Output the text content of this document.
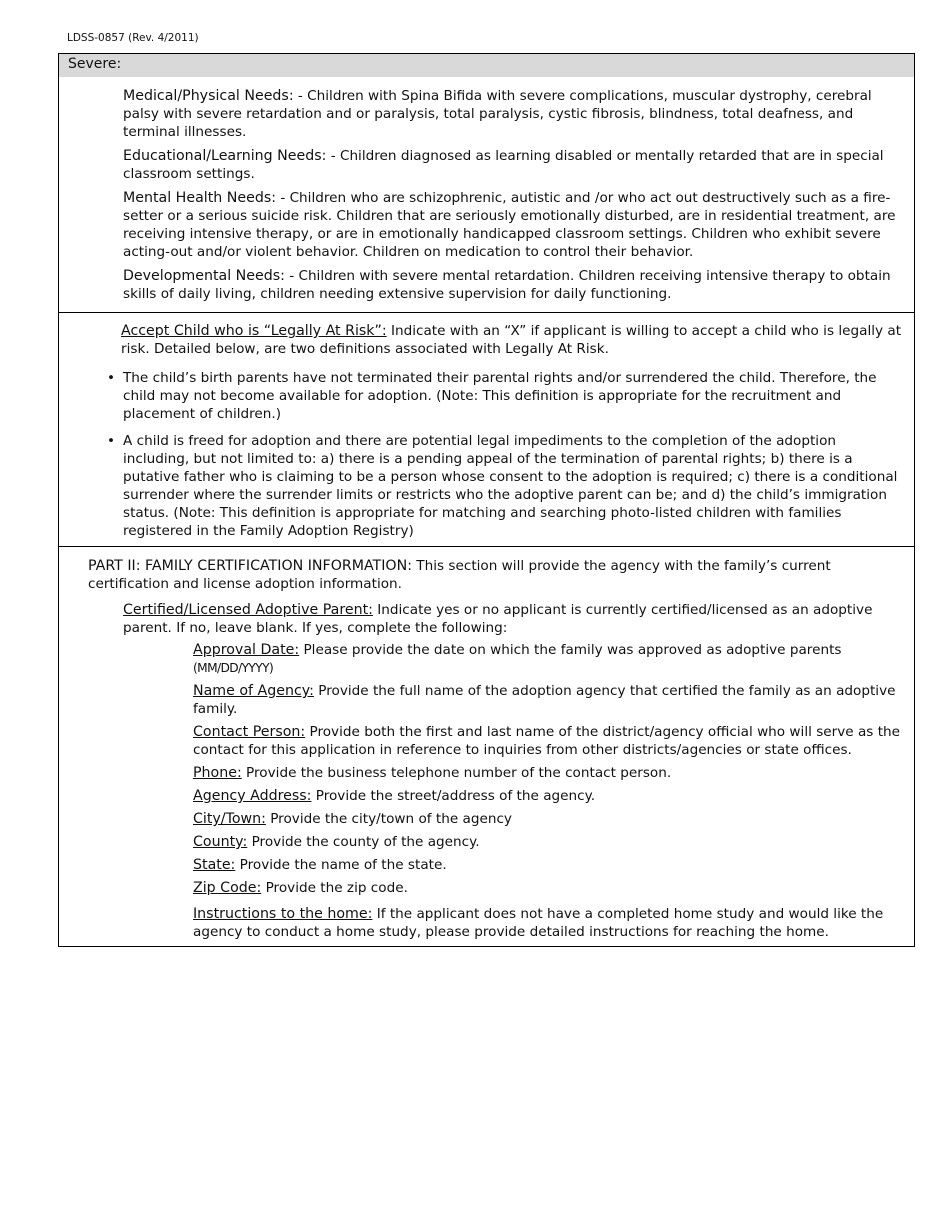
LDSS-0857 (Rev. 4/2011)
Severe:

Medical/Physical Needs: - Children with Spina Bifida with severe complications, muscular dystrophy, cerebral palsy with severe retardation and or paralysis, total paralysis, cystic fibrosis, blindness, total deafness, and terminal illnesses.

Educational/Learning Needs: - Children diagnosed as learning disabled or mentally retarded that are in special classroom settings.

Mental Health Needs: - Children who are schizophrenic, autistic and /or who act out destructively such as a fire-setter or a serious suicide risk. Children that are seriously emotionally disturbed, are in residential treatment, are receiving intensive therapy, or are in emotionally handicapped classroom settings. Children who exhibit severe acting-out and/or violent behavior. Children on medication to control their behavior.

Developmental Needs: - Children with severe mental retardation. Children receiving intensive therapy to obtain skills of daily living, children needing extensive supervision for daily functioning.

Accept Child who is “Legally At Risk”: Indicate with an “X” if applicant is willing to accept a child who is legally at risk. Detailed below, are two definitions associated with Legally At Risk.

• The child’s birth parents have not terminated their parental rights and/or surrendered the child. Therefore, the child may not become available for adoption. (Note: This definition is appropriate for the recruitment and placement of children.)
• A child is freed for adoption and there are potential legal impediments to the completion of the adoption including, but not limited to: a) there is a pending appeal of the termination of parental rights; b) there is a putative father who is claiming to be a person whose consent to the adoption is required; c) there is a conditional surrender where the surrender limits or restricts who the adoptive parent can be; and d) the child’s immigration status. (Note: This definition is appropriate for matching and searching photo-listed children with families registered in the Family Adoption Registry)

PART II: FAMILY CERTIFICATION INFORMATION: This section will provide the agency with the family’s current certification and license adoption information.

Certified/Licensed Adoptive Parent: Indicate yes or no applicant is currently certified/licensed as an adoptive parent. If no, leave blank. If yes, complete the following:

Approval Date: Please provide the date on which the family was approved as adoptive parents
(MM/DD/YYYY)

Name of Agency: Provide the full name of the adoption agency that certified the family as an adoptive family.

Contact Person: Provide both the first and last name of the district/agency official who will serve as the contact for this application in reference to inquiries from other districts/agencies or state offices.

Phone: Provide the business telephone number of the contact person.

Agency Address: Provide the street/address of the agency.

City/Town: Provide the city/town of the agency

County: Provide the county of the agency.

State: Provide the name of the state.

Zip Code: Provide the zip code.

Instructions to the home: If the applicant does not have a completed home study and would like the agency to conduct a home study, please provide detailed instructions for reaching the home.
